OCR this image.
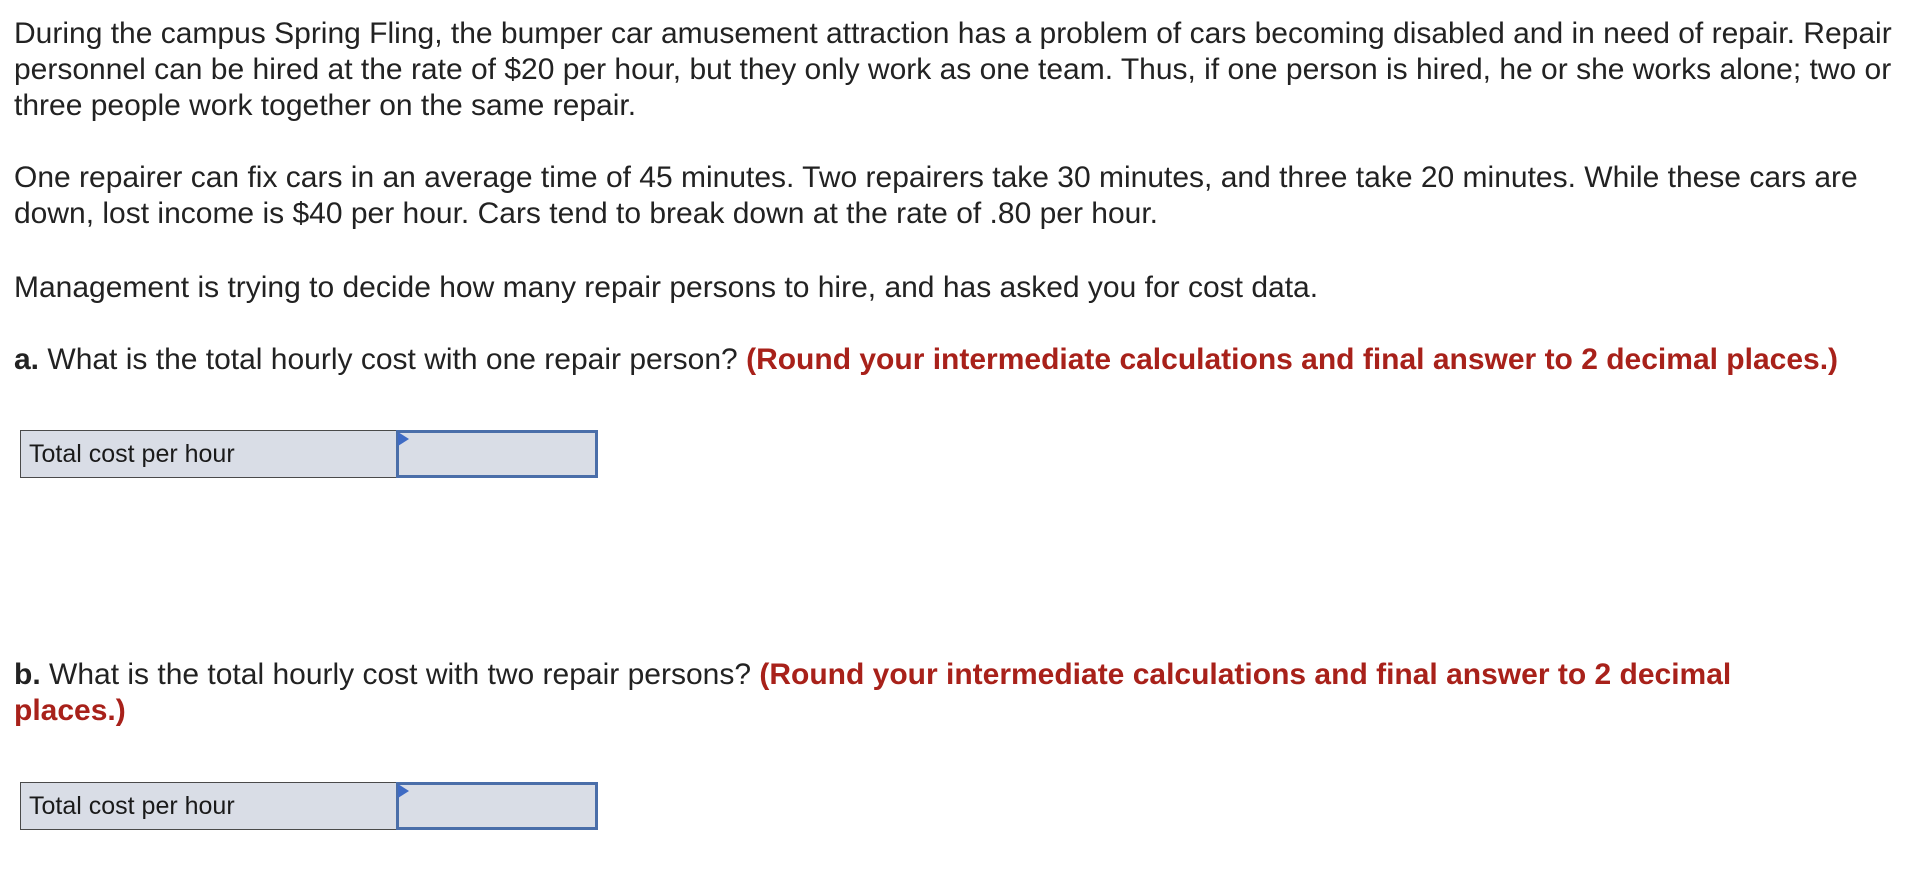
During the campus Spring Fling, the bumper car amusement attraction has a problem of cars becoming disabled and in need of repair. Repair personnel can be hired at the rate of $20 per hour, but they only work as one team. Thus, if one person is hired, he or she works alone; two or three people work together on the same repair.

One repairer can fix cars in an average time of 45 minutes. Two repairers take 30 minutes, and three take 20 minutes. While these cars are down, lost income is $40 per hour. Cars tend to break down at the rate of .80 per hour.

Management is trying to decide how many repair persons to hire, and has asked you for cost data.

a. What is the total hourly cost with one repair person? (Round your intermediate calculations and final answer to 2 decimal places.)

b. What is the total hourly cost with two repair persons? (Round your intermediate calculations and final answer to 2 decimal places.)

Total cost per hour
Total cost per hour
